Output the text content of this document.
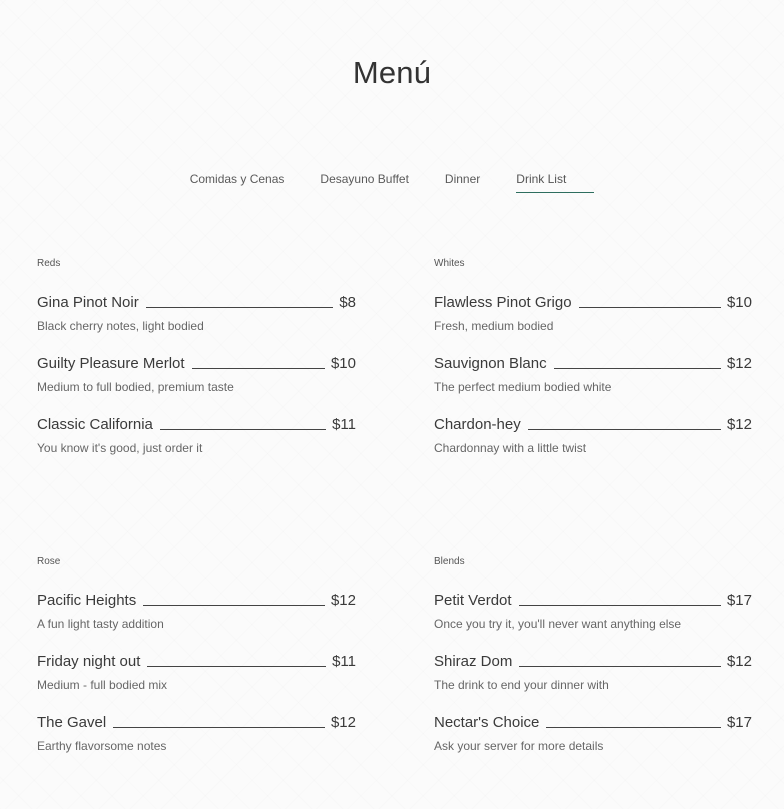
Menú
Comidas y Cenas	Desayuno Buffet	Dinner	Drink List
Reds
Gina Pinot Noir	$8
Black cherry notes, light bodied
Guilty Pleasure Merlot	$10
Medium to full bodied, premium taste
Classic California	$11
You know it's good, just order it
Whites
Flawless Pinot Grigo	$10
Fresh, medium bodied
Sauvignon Blanc	$12
The perfect medium bodied white
Chardon-hey	$12
Chardonnay with a little twist
Rose
Pacific Heights	$12
A fun light tasty addition
Friday night out	$11
Medium - full bodied mix
The Gavel	$12
Earthy flavorsome notes
Blends
Petit Verdot	$17
Once you try it, you'll never want anything else
Shiraz Dom	$12
The drink to end your dinner with
Nectar's Choice	$17
Ask your server for more details
